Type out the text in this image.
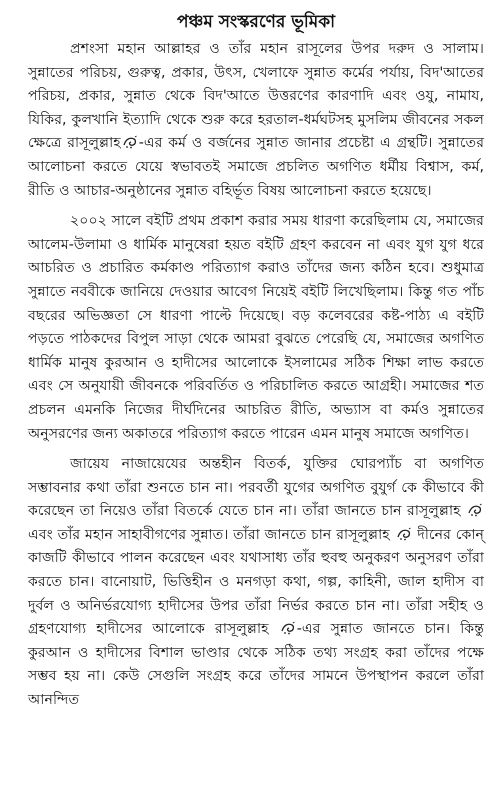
পঞ্চম সংস্করণের ভূমিকা

প্রশংসা মহান আল্লাহর ও তাঁর মহান রাসূলের উপর দরুদ ও সালাম। সুন্নাতের পরিচয়, গুরুত্ব, প্রকার, উৎস, খেলাফে সুন্নাত কর্মের পর্যায়, বিদ'আতের পরিচয়, প্রকার, সুন্নাত থেকে বিদ'আতে উত্তরণের কারণাদি এবং ওযু, নামায, যিকির, কুলখানি ইত্যাদি থেকে শুরু করে হরতাল-ধর্মঘটসহ মুসলিম জীবনের সকল ক্ষেত্রে রাসূলুল্লাহ -এর কর্ম ও বর্জনের সুন্নাত জানার প্রচেষ্টা এ গ্রন্থটি। সুন্নাতের আলোচনা করতে যেয়ে স্বভাবতই সমাজে প্রচলিত অগণিত ধর্মীয় বিশ্বাস, কর্ম, রীতি ও আচার-অনুষ্ঠানের সুন্নাত বহির্ভূত বিষয় আলোচনা করতে হয়েছে।

২০০২ সালে বইটি প্রথম প্রকাশ করার সময় ধারণা করেছিলাম যে, সমাজের আলেম-উলামা ও ধার্মিক মানুষেরা হয়ত বইটি গ্রহণ করবেন না এবং যুগ যুগ ধরে আচরিত ও প্রচারিত কর্মকাণ্ড পরিত্যাগ করাও তাঁদের জন্য কঠিন হবে। শুধুমাত্র সুন্নাতে নববীকে জানিয়ে দেওয়ার আবেগ নিয়েই বইটি লিখেছিলাম। কিন্তু গত পাঁচ বছরের অভিজ্ঞতা সে ধারণা পাল্টে দিয়েছে। বড় কলেবরের কষ্ট-পাঠ্য এ বইটি পড়তে পাঠকদের বিপুল সাড়া থেকে আমরা বুঝতে পেরেছি যে, সমাজের অগণিত ধার্মিক মানুষ কুরআন ও হাদীসের আলোকে ইসলামের সঠিক শিক্ষা লাভ করতে এবং সে অনুযায়ী জীবনকে পরিবর্তিত ও পরিচালিত করতে আগ্রহী। সমাজের শত প্রচলন এমনকি নিজের দীর্ঘদিনের আচরিত রীতি, অভ্যাস বা কর্মও সুন্নাতের অনুসরণের জন্য অকাতরে পরিত্যাগ করতে পারেন এমন মানুষ সমাজে অগণিত।

জায়েয নাজায়েযের অন্তহীন বিতর্ক, যুক্তির ঘোরপ্যাঁচ বা অগণিত সম্ভাবনার কথা তাঁরা শুনতে চান না। পরবর্তী যুগের অগণিত বুযুর্গ কে কীভাবে কী করেছেন তা নিয়েও তাঁরা বিতর্কে যেতে চান না। তাঁরা জানতে চান রাসূলুল্লাহ  এবং তাঁর মহান সাহাবীগণের সুন্নাত। তাঁরা জানতে চান রাসূলুল্লাহ দীনের কোন্ কাজটি কীভাবে পালন করেছেন এবং যথাসাধ্য তাঁর হুবহু অনুকরণ অনুসরণ তাঁরা করতে চান। বানোয়াট, ভিত্তিহীন ও মনগড়া কথা, গল্প, কাহিনী, জাল হাদীস বা দুর্বল ও অনির্ভরযোগ্য হাদীসের উপর তাঁরা নির্ভর করতে চান না। তাঁরা সহীহ ও গ্রহণযোগ্য হাদীসের আলোকে রাসূলুল্লাহ -এর সুন্নাত জানতে চান। কিন্তু কুরআন ও হাদীসের বিশাল ভাণ্ডার থেকে সঠিক তথ্য সংগ্রহ করা তাঁদের পক্ষে সম্ভব হয় না। কেউ সেগুলি সংগ্রহ করে তাঁদের সামনে উপস্থাপন করলে তাঁরা আনন্দিত
